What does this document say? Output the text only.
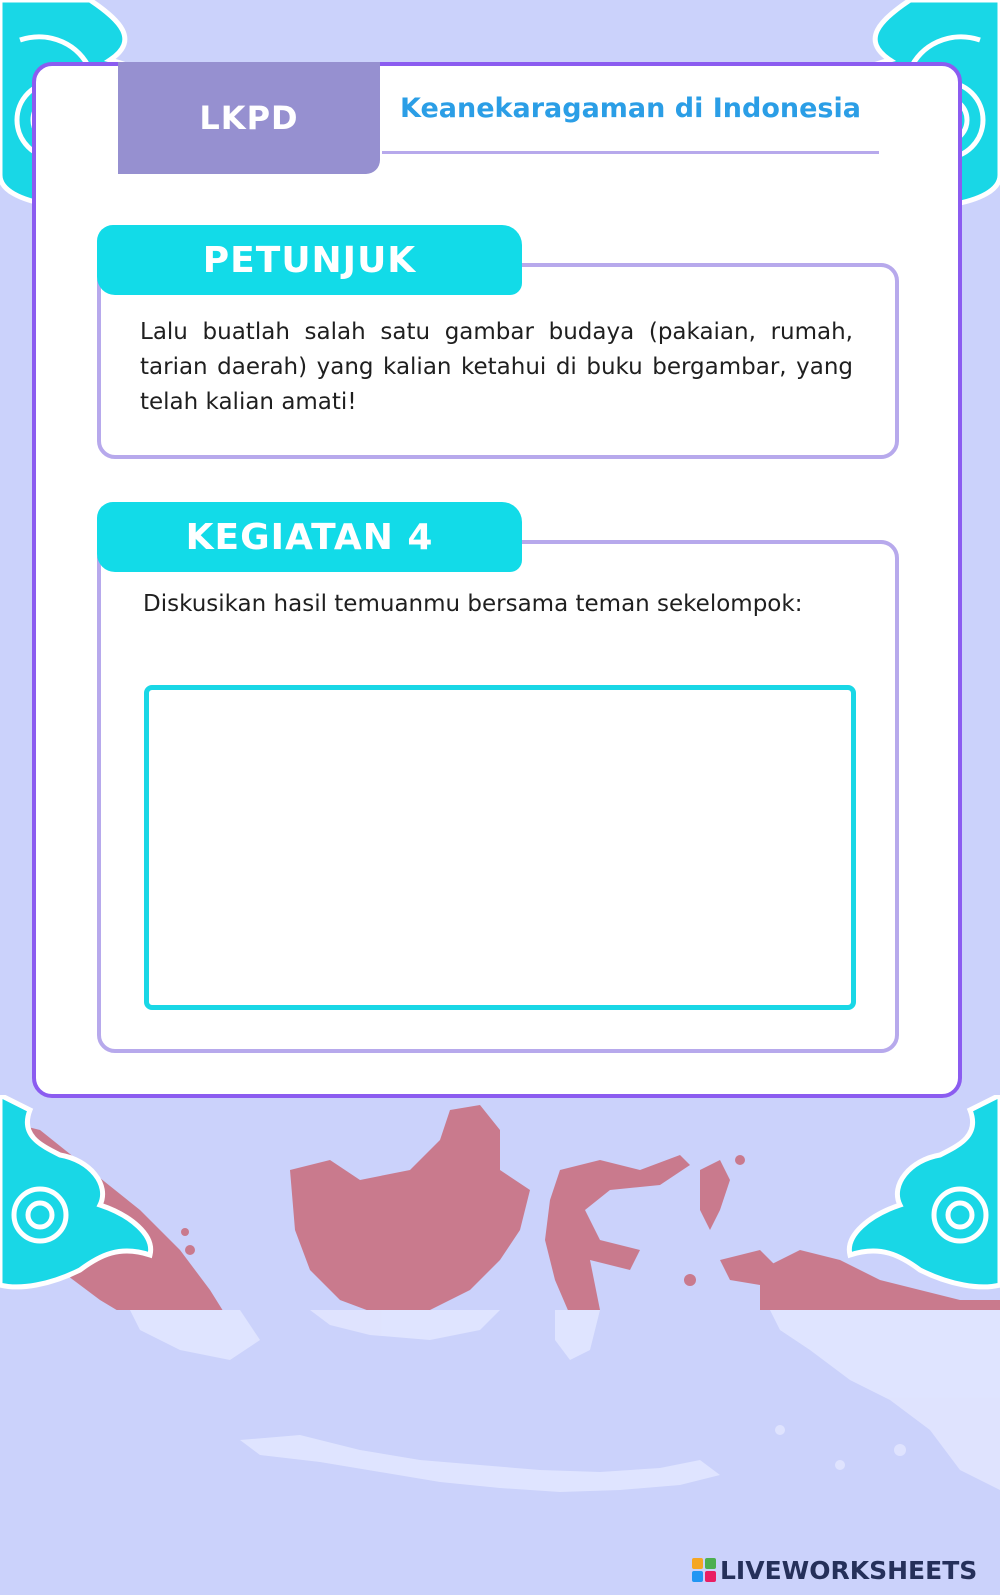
LKPD	Keanekaragaman di Indonesia
PETUNJUK
Lalu buatlah salah satu gambar budaya (pakaian, rumah, tarian daerah) yang kalian ketahui di buku bergambar, yang telah kalian amati!
KEGIATAN 4
Diskusikan hasil temuanmu bersama teman sekelompok:
LIVEWORKSHEETS
